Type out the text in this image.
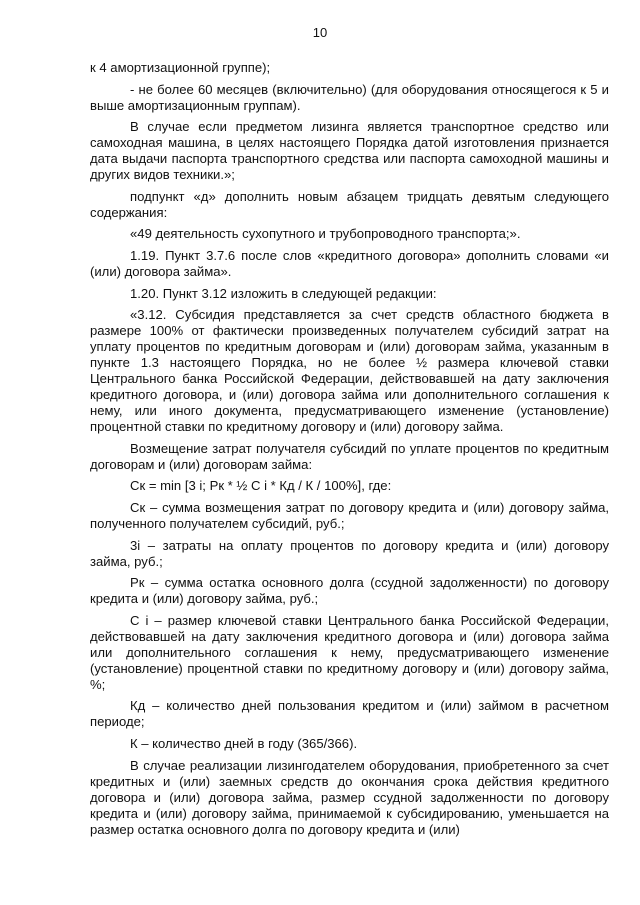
10

к 4 амортизационной группе);

- не более 60 месяцев (включительно) (для оборудования относящегося к 5 и выше амортизационным группам).

В случае если предметом лизинга является транспортное средство или самоходная машина, в целях настоящего Порядка датой изготовления признается дата выдачи паспорта транспортного средства или паспорта самоходной машины и других видов техники.»;

подпункт «д» дополнить новым абзацем тридцать девятым следующего содержания:

«49 деятельность сухопутного и трубопроводного транспорта;».

1.19. Пункт 3.7.6 после слов «кредитного договора» дополнить словами «и (или) договора займа».

1.20. Пункт 3.12 изложить в следующей редакции:

«3.12. Субсидия представляется за счет средств областного бюджета в размере 100% от фактически произведенных получателем субсидий затрат на уплату процентов по кредитным договорам и (или) договорам займа, указанным в пункте 1.3 настоящего Порядка, но не более ½ размера ключевой ставки Центрального банка Российской Федерации, действовавшей на дату заключения кредитного договора, и (или) договора займа или дополнительного соглашения к нему, или иного документа, предусматривающего изменение (установление) процентной ставки по кредитному договору и (или) договору займа.

Возмещение затрат получателя субсидий по уплате процентов по кредитным договорам и (или) договорам займа:

Ск = min [3 i; Рк * ½ С i * Кд / К / 100%], где:

Ск – сумма возмещения затрат по договору кредита и (или) договору займа, полученного получателем субсидий, руб.;

3i – затраты на оплату процентов по договору кредита и (или) договору займа, руб.;

Рк – сумма остатка основного долга (ссудной задолженности) по договору кредита и (или) договору займа, руб.;

С i – размер ключевой ставки Центрального банка Российской Федерации, действовавшей на дату заключения кредитного договора и (или) договора займа или дополнительного соглашения к нему, предусматривающего изменение (установление) процентной ставки по кредитному договору и (или) договору займа, %;

Кд – количество дней пользования кредитом и (или) займом в расчетном периоде;

К – количество дней в году (365/366).

В случае реализации лизингодателем оборудования, приобретенного за счет кредитных и (или) заемных средств до окончания срока действия кредитного договора и (или) договора займа, размер ссудной задолженности по договору кредита и (или) договору займа, принимаемой к субсидированию, уменьшается на размер остатка основного долга по договору кредита и (или)
